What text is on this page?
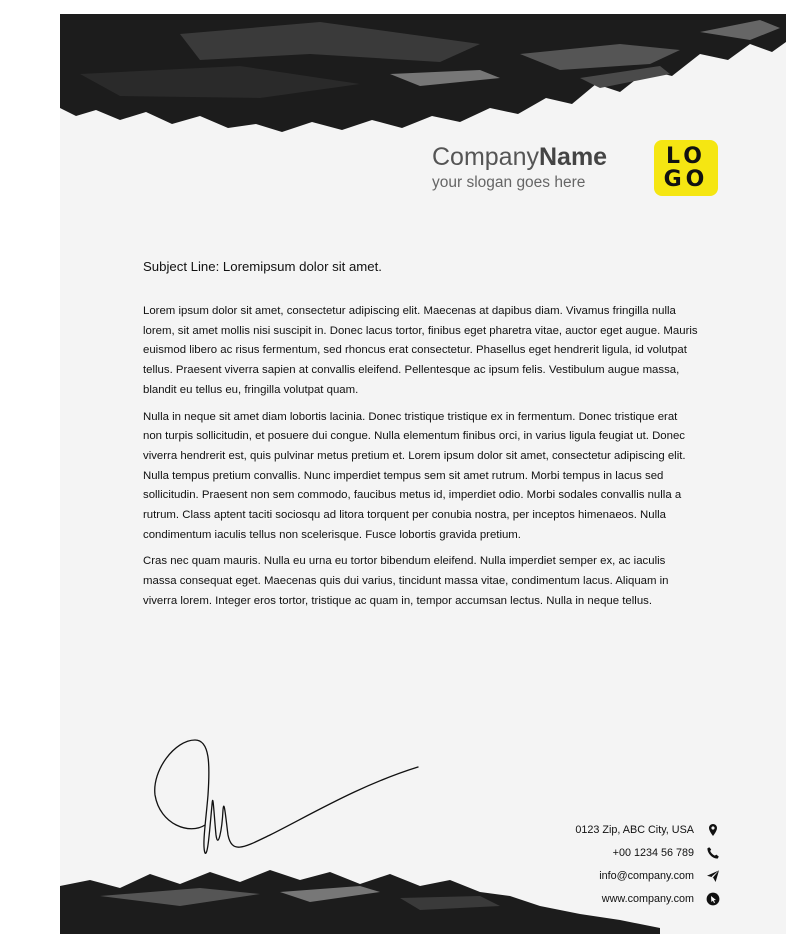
CompanyName
your slogan goes here
LO
GO
Subject Line: Loremipsum dolor sit amet.

Lorem ipsum dolor sit amet, consectetur adipiscing elit. Maecenas at dapibus diam. Vivamus fringilla nulla lorem, sit amet mollis nisi suscipit in. Donec lacus tortor, finibus eget pharetra vitae, auctor eget augue. Mauris euismod libero ac risus fermentum, sed rhoncus erat consectetur. Phasellus eget hendrerit ligula, id volutpat tellus. Praesent viverra sapien at convallis eleifend. Pellentesque ac ipsum felis. Vestibulum augue massa, blandit eu tellus eu, fringilla volutpat quam.

Nulla in neque sit amet diam lobortis lacinia. Donec tristique tristique ex in fermentum. Donec tristique erat non turpis sollicitudin, et posuere dui congue. Nulla elementum finibus orci, in varius ligula feugiat ut. Donec viverra hendrerit est, quis pulvinar metus pretium et. Lorem ipsum dolor sit amet, consectetur adipiscing elit. Nulla tempus pretium convallis. Nunc imperdiet tempus sem sit amet rutrum. Morbi tempus in lacus sed sollicitudin. Praesent non sem commodo, faucibus metus id, imperdiet odio. Morbi sodales convallis nulla a rutrum. Class aptent taciti sociosqu ad litora torquent per conubia nostra, per inceptos himenaeos. Nulla condimentum iaculis tellus non scelerisque. Fusce lobortis gravida pretium.

Cras nec quam mauris. Nulla eu urna eu tortor bibendum eleifend. Nulla imperdiet semper ex, ac iaculis massa consequat eget. Maecenas quis dui varius, tincidunt massa vitae, condimentum lacus. Aliquam in viverra lorem. Integer eros tortor, tristique ac quam in, tempor accumsan lectus. Nulla in neque tellus.

0123 Zip, ABC City, USA
+00 1234 56 789
info@company.com
www.company.com
